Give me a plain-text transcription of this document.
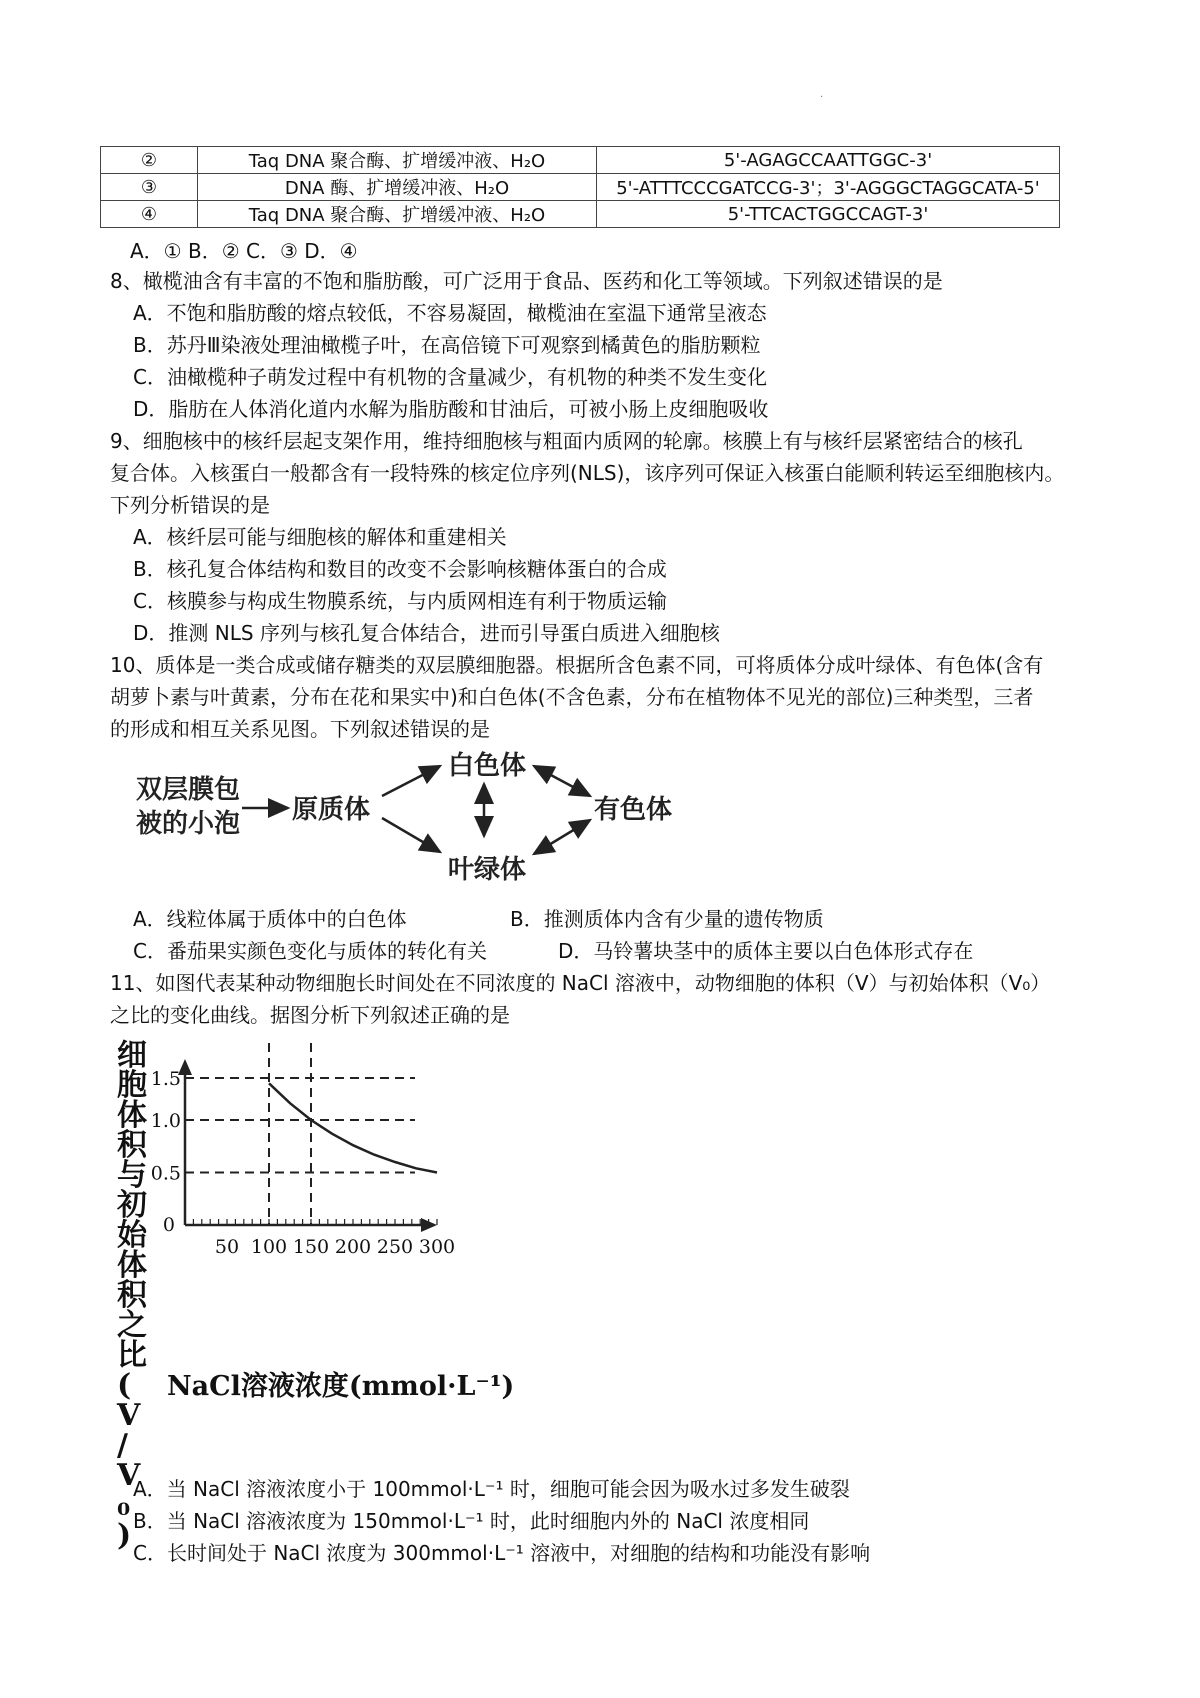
·
②	Taq DNA 聚合酶、扩增缓冲液、H₂O	5'-AGAGCCAATTGGC-3'
③	DNA 酶、扩增缓冲液、H₂O	5'-ATTTCCCGATCCG-3'；3'-AGGGCTAGGCATA-5'
④	Taq DNA 聚合酶、扩增缓冲液、H₂O	5'-TTCACTGGCCAGT-3'
A．① B．② C．③ D．④
8、橄榄油含有丰富的不饱和脂肪酸，可广泛用于食品、医药和化工等领域。下列叙述错误的是
A．不饱和脂肪酸的熔点较低，不容易凝固，橄榄油在室温下通常呈液态
B．苏丹Ⅲ染液处理油橄榄子叶，在高倍镜下可观察到橘黄色的脂肪颗粒
C．油橄榄种子萌发过程中有机物的含量减少，有机物的种类不发生变化
D．脂肪在人体消化道内水解为脂肪酸和甘油后，可被小肠上皮细胞吸收
9、细胞核中的核纤层起支架作用，维持细胞核与粗面内质网的轮廓。核膜上有与核纤层紧密结合的核孔
复合体。入核蛋白一般都含有一段特殊的核定位序列(NLS)，该序列可保证入核蛋白能顺利转运至细胞核内。
下列分析错误的是
A．核纤层可能与细胞核的解体和重建相关
B．核孔复合体结构和数目的改变不会影响核糖体蛋白的合成
C．核膜参与构成生物膜系统，与内质网相连有利于物质运输
D．推测 NLS 序列与核孔复合体结合，进而引导蛋白质进入细胞核
10、质体是一类合成或储存糖类的双层膜细胞器。根据所含色素不同，可将质体分成叶绿体、有色体(含有
胡萝卜素与叶黄素，分布在花和果实中)和白色体(不含色素，分布在植物体不见光的部位)三种类型，三者
的形成和相互关系见图。下列叙述错误的是
双层膜包
被的小泡 原质体
白色体
叶绿体
有色体
A．线粒体属于质体中的白色体	B．推测质体内含有少量的遗传物质
C．番茄果实颜色变化与质体的转化有关	D．马铃薯块茎中的质体主要以白色体形式存在
11、如图代表某种动物细胞长时间处在不同浓度的 NaCl 溶液中，动物细胞的体积（V）与初始体积（V₀）
之比的变化曲线。据图分析下列叙述正确的是
细
胞
体
积
与
初
始
体
积
之
比
(
V
/
V
₀
)
50 100 150 200 250 300
0
0.5
1.0
1.5
NaCl溶液浓度(mmol·L⁻¹)
A．当 NaCl 溶液浓度小于 100mmol·L⁻¹ 时，细胞可能会因为吸水过多发生破裂
B．当 NaCl 溶液浓度为 150mmol·L⁻¹ 时，此时细胞内外的 NaCl 浓度相同
C．长时间处于 NaCl 浓度为 300mmol·L⁻¹ 溶液中，对细胞的结构和功能没有影响
